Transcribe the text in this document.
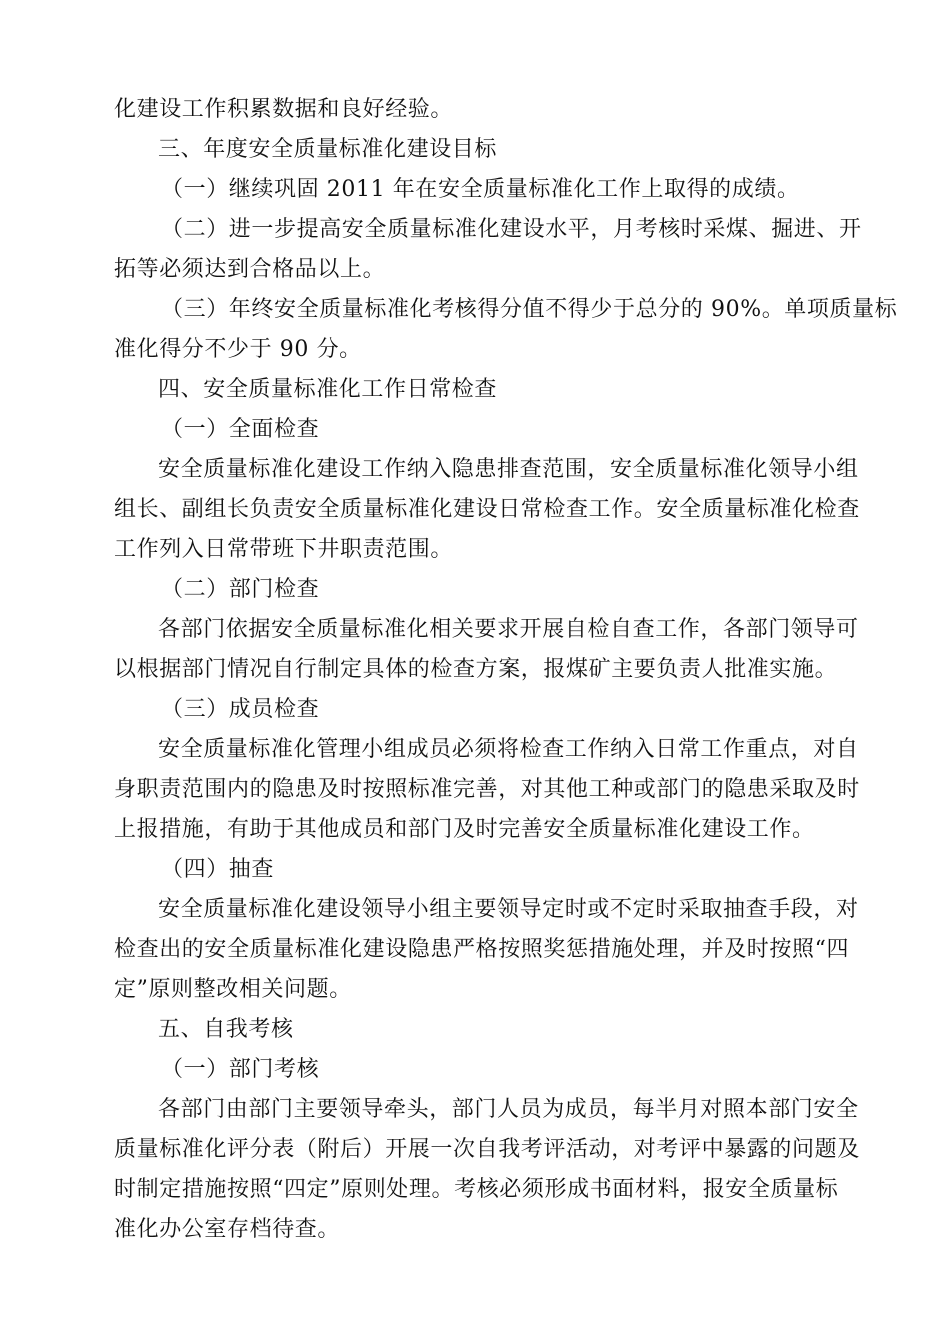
化建设工作积累数据和良好经验。
三、年度安全质量标准化建设目标
（一）继续巩固 2011 年在安全质量标准化工作上取得的成绩。
（二）进一步提高安全质量标准化建设水平，月考核时采煤、掘进、开
拓等必须达到合格品以上。
（三）年终安全质量标准化考核得分值不得少于总分的 90%。单项质量标
准化得分不少于 90 分。
四、安全质量标准化工作日常检查
（一）全面检查
安全质量标准化建设工作纳入隐患排查范围，安全质量标准化领导小组
组长、副组长负责安全质量标准化建设日常检查工作。安全质量标准化检查
工作列入日常带班下井职责范围。
（二）部门检查
各部门依据安全质量标准化相关要求开展自检自查工作，各部门领导可
以根据部门情况自行制定具体的检查方案，报煤矿主要负责人批准实施。
（三）成员检查
安全质量标准化管理小组成员必须将检查工作纳入日常工作重点，对自
身职责范围内的隐患及时按照标准完善，对其他工种或部门的隐患采取及时
上报措施，有助于其他成员和部门及时完善安全质量标准化建设工作。
（四）抽查
安全质量标准化建设领导小组主要领导定时或不定时采取抽查手段，对
检查出的安全质量标准化建设隐患严格按照奖惩措施处理，并及时按照“四
定”原则整改相关问题。
五、自我考核
（一）部门考核
各部门由部门主要领导牵头，部门人员为成员，每半月对照本部门安全
质量标准化评分表（附后）开展一次自我考评活动，对考评中暴露的问题及
时制定措施按照“四定”原则处理。考核必须形成书面材料，报安全质量标
准化办公室存档待查。
